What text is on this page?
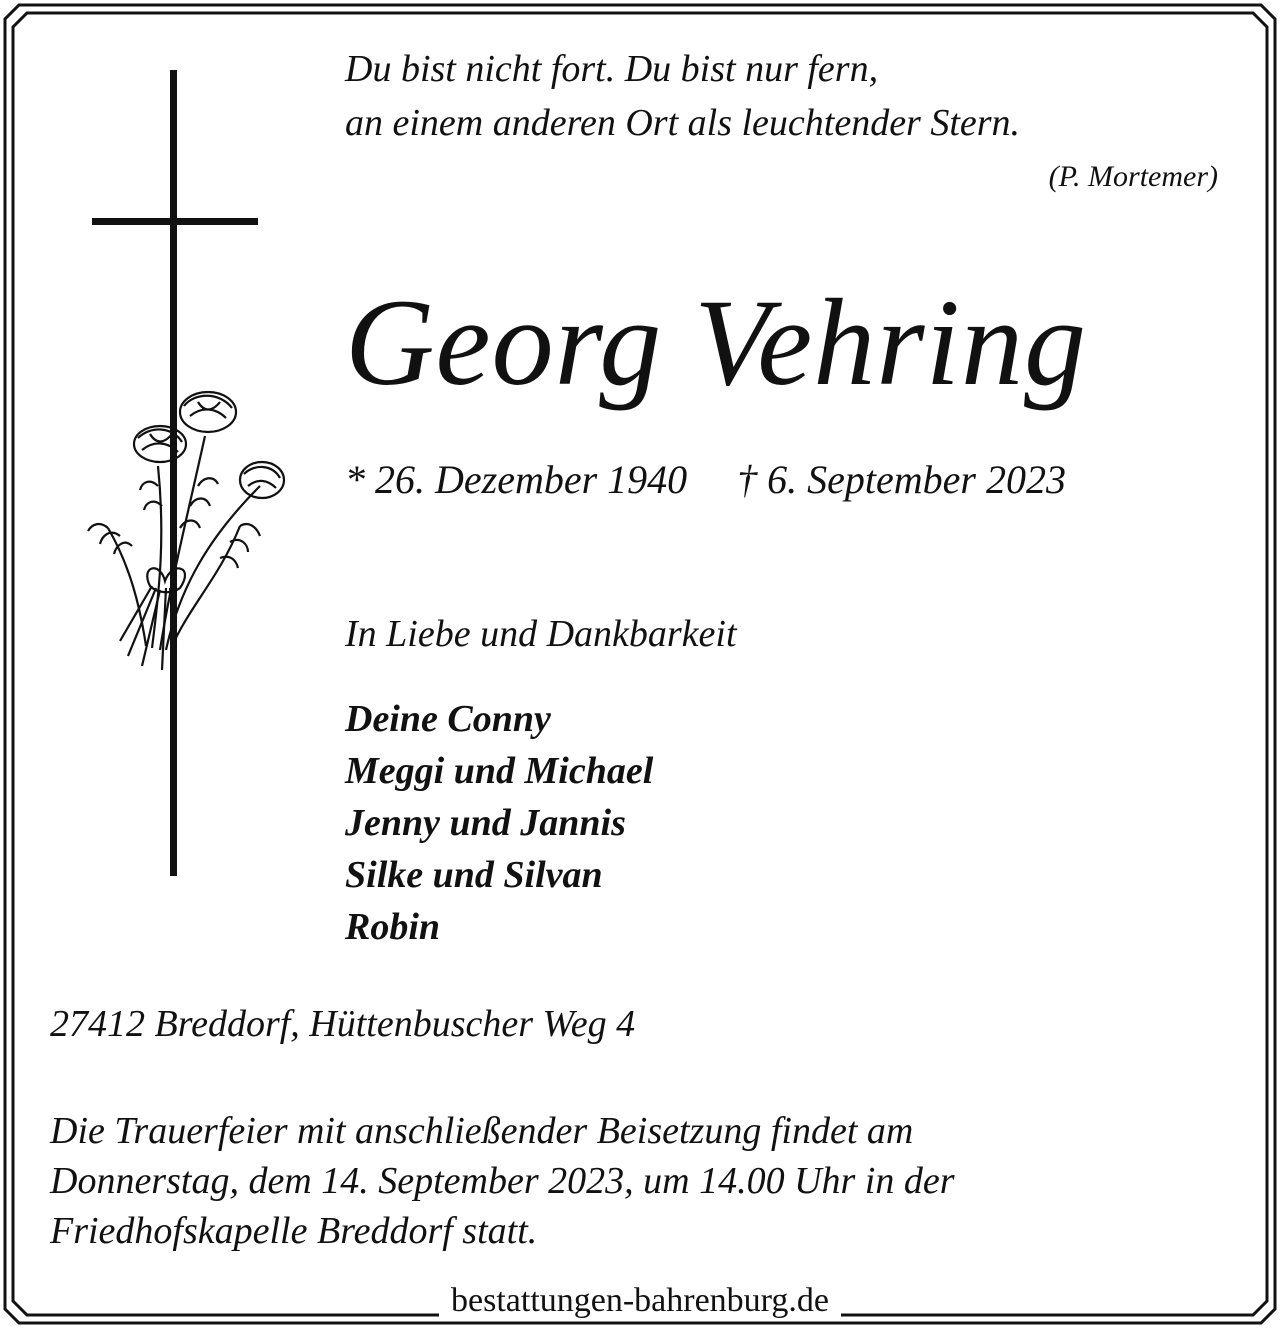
Du bist nicht fort. Du bist nur fern,
an einem anderen Ort als leuchtender Stern.
(P. Mortemer)
Georg Vehring
* 26. Dezember 1940 † 6. September 2023
In Liebe und Dankbarkeit
Deine Conny
Meggi und Michael
Jenny und Jannis
Silke und Silvan
Robin
27412 Breddorf, Hüttenbuscher Weg 4
Die Trauerfeier mit anschließender Beisetzung findet am
Donnerstag, dem 14. September 2023, um 14.00 Uhr in der
Friedhofskapelle Breddorf statt.
bestattungen-bahrenburg.de
